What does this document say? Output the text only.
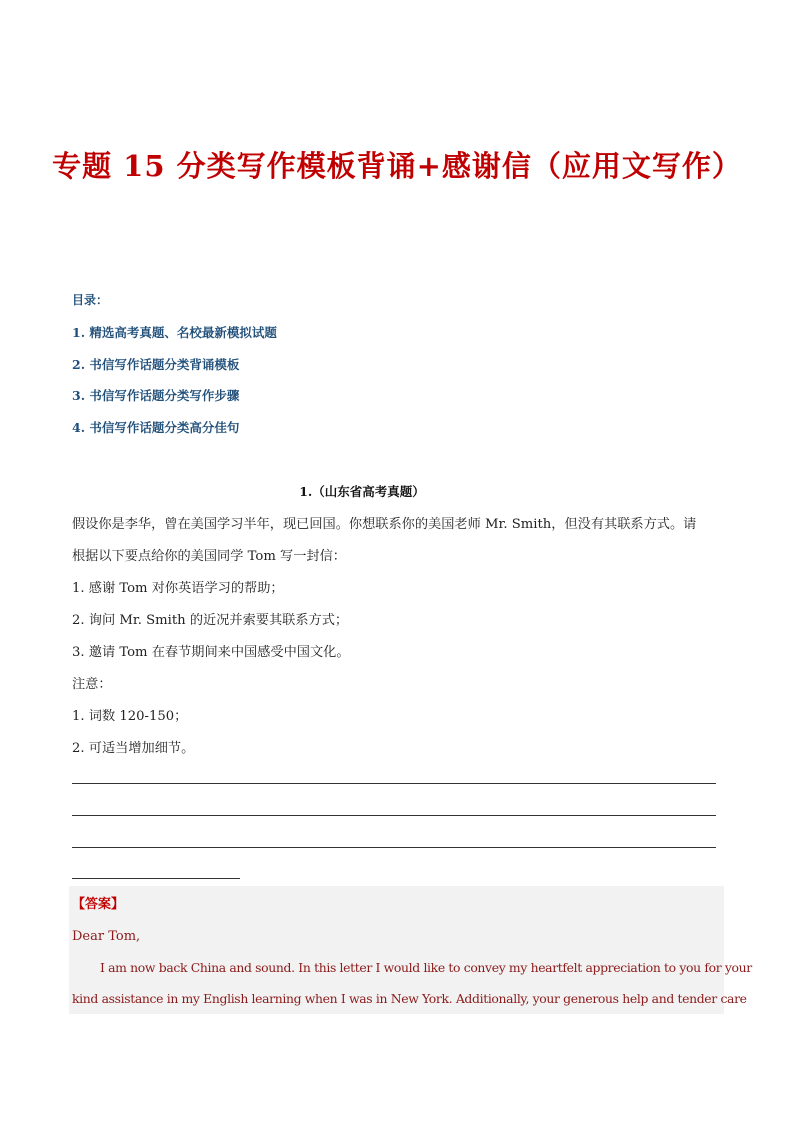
专题 15 分类写作模板背诵+感谢信（应用文写作）
目录：
1. 精选高考真题、名校最新模拟试题
2. 书信写作话题分类背诵模板
3. 书信写作话题分类写作步骤
4. 书信写作话题分类高分佳句
1.（山东省高考真题）
假设你是李华，曾在美国学习半年，现已回国。你想联系你的美国老师 Mr. Smith，但没有其联系方式。请
根据以下要点给你的美国同学 Tom 写一封信：
1. 感谢 Tom 对你英语学习的帮助；
2. 询问 Mr. Smith 的近况并索要其联系方式；
3. 邀请 Tom 在春节期间来中国感受中国文化。
注意：
1. 词数 120-150；
2. 可适当增加细节。
【答案】
Dear Tom,
I am now back China and sound. In this letter I would like to convey my heartfelt appreciation to you for your
kind assistance in my English learning when I was in New York. Additionally, your generous help and tender care
